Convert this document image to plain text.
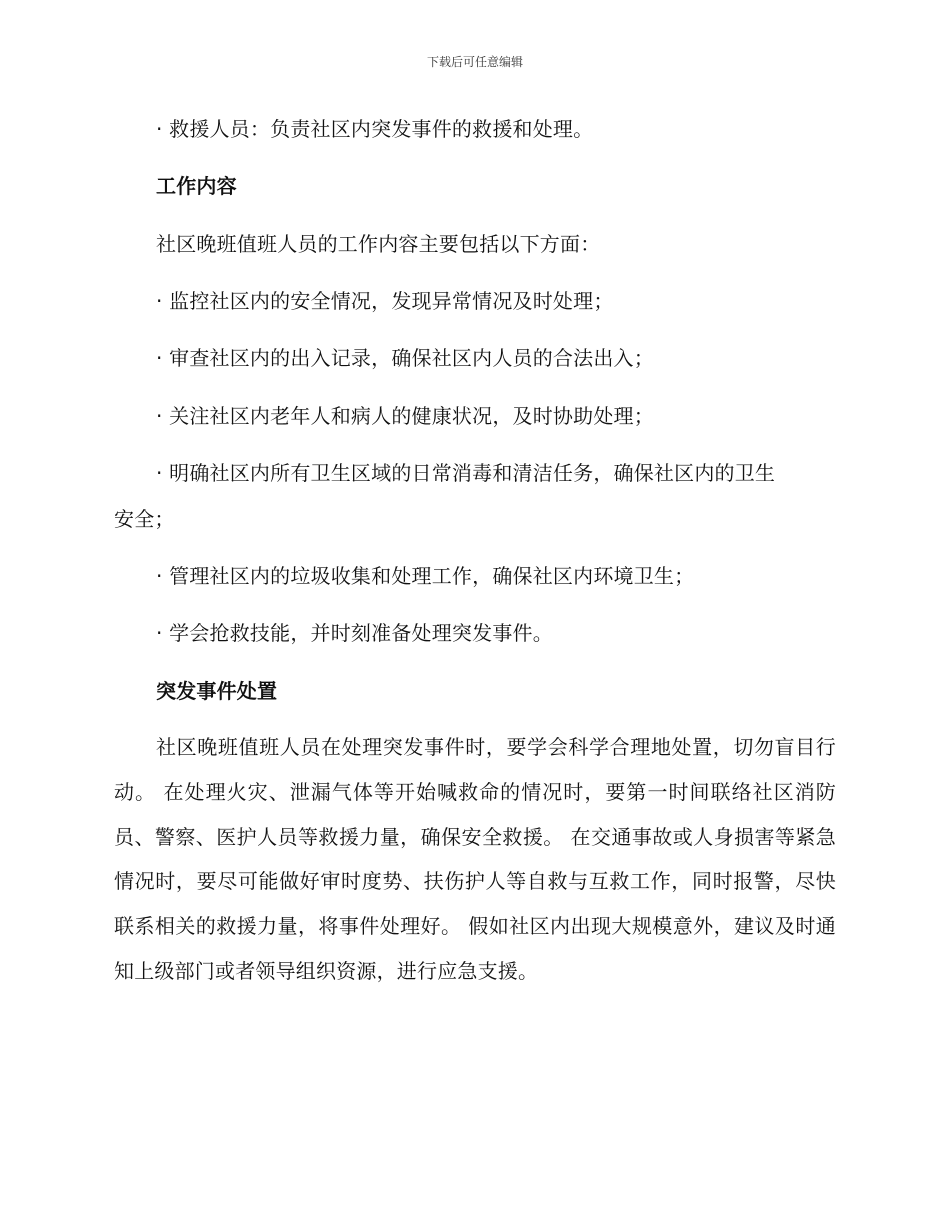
下载后可任意编辑
· 救援人员：负责社区内突发事件的救援和处理。
工作内容
社区晚班值班人员的工作内容主要包括以下方面：
· 监控社区内的安全情况，发现异常情况及时处理；
· 审查社区内的出入记录，确保社区内人员的合法出入；
· 关注社区内老年人和病人的健康状况，及时协助处理；
· 明确社区内所有卫生区域的日常消毒和清洁任务，确保社区内的卫生
安全；
· 管理社区内的垃圾收集和处理工作，确保社区内环境卫生；
· 学会抢救技能，并时刻准备处理突发事件。
突发事件处置
社区晚班值班人员在处理突发事件时，要学会科学合理地处置，切勿盲目行动。 在处理火灾、泄漏气体等开始喊救命的情况时，要第一时间联络社区消防员、警察、医护人员等救援力量，确保安全救援。 在交通事故或人身损害等紧急情况时，要尽可能做好审时度势、扶伤护人等自救与互救工作，同时报警，尽快联系相关的救援力量，将事件处理好。 假如社区内出现大规模意外，建议及时通知上级部门或者领导组织资源，进行应急支援。
